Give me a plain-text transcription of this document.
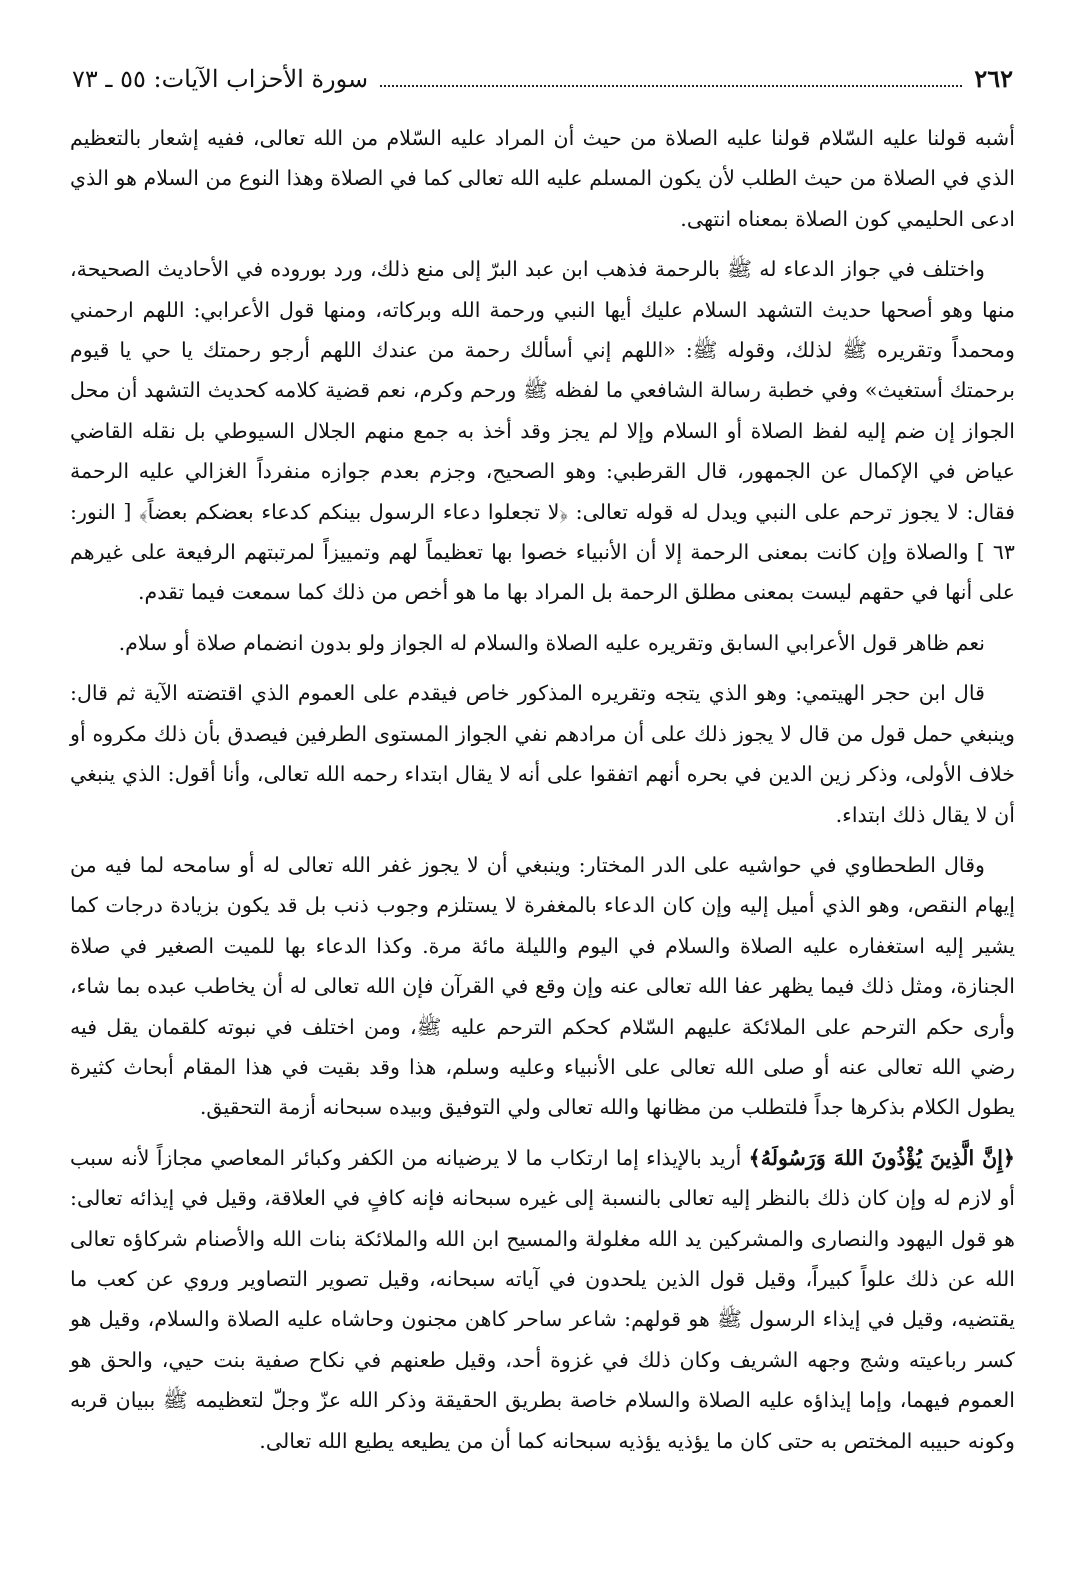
٢٦٢
سورة الأحزاب الآيات: ٥٥ ـ ٧٣

أشبه قولنا عليه السّلام قولنا عليه الصلاة من حيث أن المراد عليه السّلام من الله تعالى، ففيه إشعار بالتعظيم الذي في الصلاة من حيث الطلب لأن يكون المسلم عليه الله تعالى كما في الصلاة وهذا النوع من السلام هو الذي ادعى الحليمي كون الصلاة بمعناه انتهى.

واختلف في جواز الدعاء له ﷺ بالرحمة فذهب ابن عبد البرّ إلى منع ذلك، ورد بوروده في الأحاديث الصحيحة، منها وهو أصحها حديث التشهد السلام عليك أيها النبي ورحمة الله وبركاته، ومنها قول الأعرابي: اللهم ارحمني ومحمداً وتقريره ﷺ لذلك، وقوله ﷺ: «اللهم إني أسألك رحمة من عندك اللهم أرجو رحمتك يا حي يا قيوم برحمتك أستغيث» وفي خطبة رسالة الشافعي ما لفظه ﷺ ورحم وكرم، نعم قضية كلامه كحديث التشهد أن محل الجواز إن ضم إليه لفظ الصلاة أو السلام وإلا لم يجز وقد أخذ به جمع منهم الجلال السيوطي بل نقله القاضي عياض في الإكمال عن الجمهور، قال القرطبي: وهو الصحيح، وجزم بعدم جوازه منفرداً الغزالي عليه الرحمة فقال: لا يجوز ترحم على النبي ويدل له قوله تعالى: ﴿لا تجعلوا دعاء الرسول بينكم كدعاء بعضكم بعضاً﴾ [ النور: ٦٣ ] والصلاة وإن كانت بمعنى الرحمة إلا أن الأنبياء خصوا بها تعظيماً لهم وتمييزاً لمرتبتهم الرفيعة على غيرهم على أنها في حقهم ليست بمعنى مطلق الرحمة بل المراد بها ما هو أخص من ذلك كما سمعت فيما تقدم.

نعم ظاهر قول الأعرابي السابق وتقريره عليه الصلاة والسلام له الجواز ولو بدون انضمام صلاة أو سلام.

قال ابن حجر الهيتمي: وهو الذي يتجه وتقريره المذكور خاص فيقدم على العموم الذي اقتضته الآية ثم قال: وينبغي حمل قول من قال لا يجوز ذلك على أن مرادهم نفي الجواز المستوى الطرفين فيصدق بأن ذلك مكروه أو خلاف الأولى، وذكر زين الدين في بحره أنهم اتفقوا على أنه لا يقال ابتداء رحمه الله تعالى، وأنا أقول: الذي ينبغي أن لا يقال ذلك ابتداء.

وقال الطحطاوي في حواشيه على الدر المختار: وينبغي أن لا يجوز غفر الله تعالى له أو سامحه لما فيه من إيهام النقص، وهو الذي أميل إليه وإن كان الدعاء بالمغفرة لا يستلزم وجوب ذنب بل قد يكون بزيادة درجات كما يشير إليه استغفاره عليه الصلاة والسلام في اليوم والليلة مائة مرة. وكذا الدعاء بها للميت الصغير في صلاة الجنازة، ومثل ذلك فيما يظهر عفا الله تعالى عنه وإن وقع في القرآن فإن الله تعالى له أن يخاطب عبده بما شاء، وأرى حكم الترحم على الملائكة عليهم السّلام كحكم الترحم عليه ﷺ، ومن اختلف في نبوته كلقمان يقل فيه رضي الله تعالى عنه أو صلى الله تعالى على الأنبياء وعليه وسلم، هذا وقد بقيت في هذا المقام أبحاث كثيرة يطول الكلام بذكرها جداً فلتطلب من مظانها والله تعالى ولي التوفيق وبيده سبحانه أزمة التحقيق.

﴿إِنَّ الَّذِينَ يُؤْذُونَ اللهَ وَرَسُولَهُ﴾ أريد بالإيذاء إما ارتكاب ما لا يرضيانه من الكفر وكبائر المعاصي مجازاً لأنه سبب أو لازم له وإن كان ذلك بالنظر إليه تعالى بالنسبة إلى غيره سبحانه فإنه كافٍ في العلاقة، وقيل في إيذائه تعالى: هو قول اليهود والنصارى والمشركين يد الله مغلولة والمسيح ابن الله والملائكة بنات الله والأصنام شركاؤه تعالى الله عن ذلك علواً كبيراً، وقيل قول الذين يلحدون في آياته سبحانه، وقيل تصوير التصاوير وروي عن كعب ما يقتضيه، وقيل في إيذاء الرسول ﷺ هو قولهم: شاعر ساحر كاهن مجنون وحاشاه عليه الصلاة والسلام، وقيل هو كسر رباعيته وشج وجهه الشريف وكان ذلك في غزوة أحد، وقيل طعنهم في نكاح صفية بنت حيي، والحق هو العموم فيهما، وإما إيذاؤه عليه الصلاة والسلام خاصة بطريق الحقيقة وذكر الله عزّ وجلّ لتعظيمه ﷺ ببيان قربه وكونه حبيبه المختص به حتى كان ما يؤذيه يؤذيه سبحانه كما أن من يطيعه يطيع الله تعالى.
